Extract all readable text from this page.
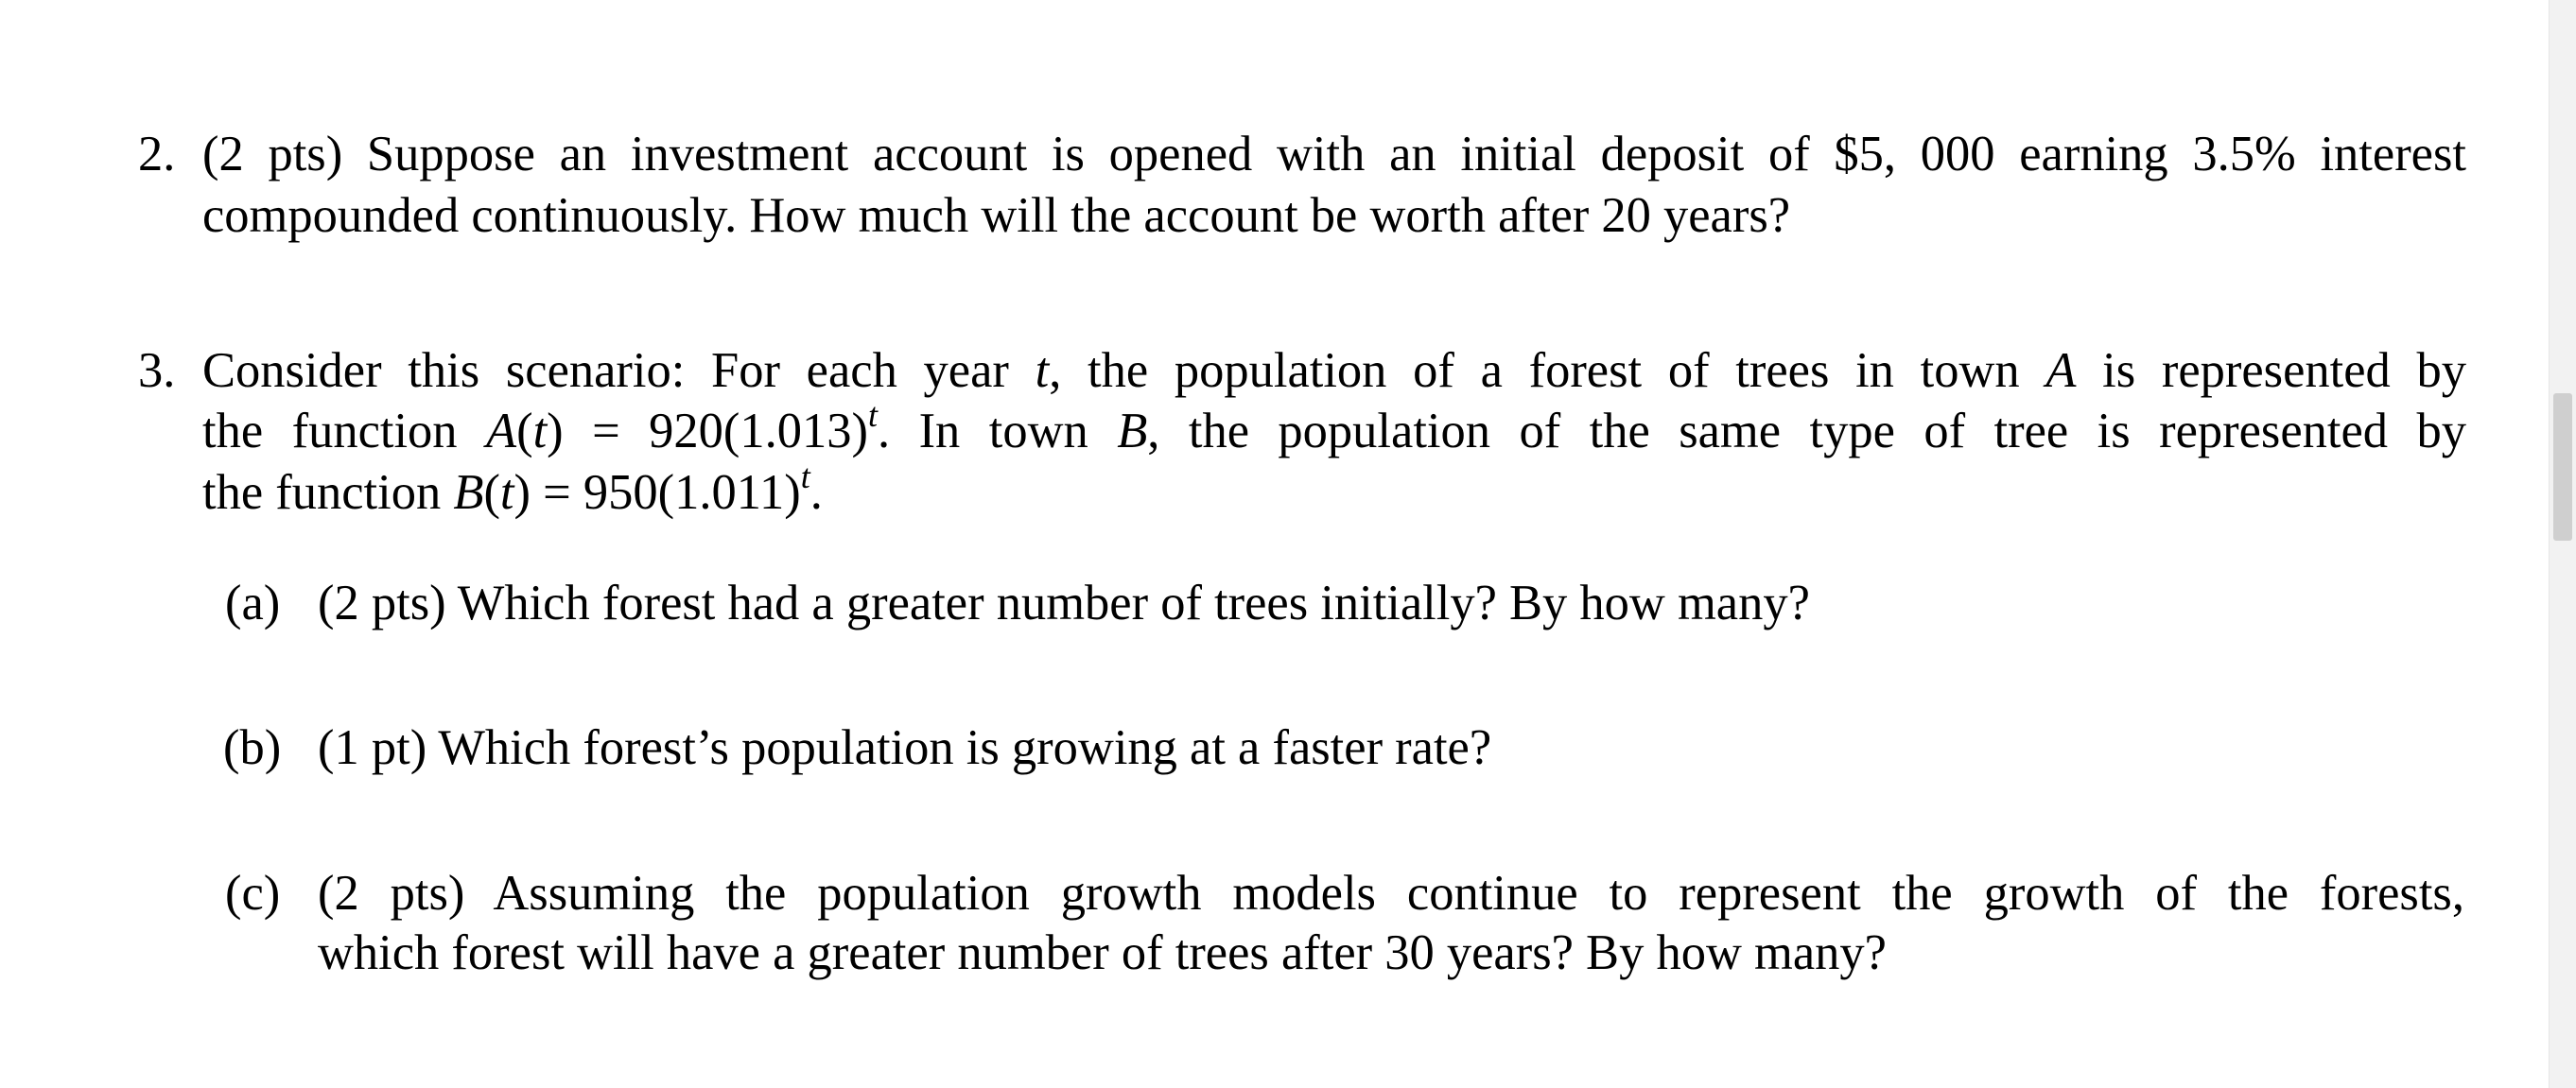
2. (2 pts) Suppose an investment account is opened with an initial deposit of $5, 000 earning 3.5% interest
compounded continuously. How much will the account be worth after 20 years?
3. Consider this scenario: For each year t, the population of a forest of trees in town A is represented by
the function $A(t) = 920(1.013)^t$. In town B, the population of the same type of tree is represented by
the function $B(t) = 950(1.011)^t$.
(a) (2 pts) Which forest had a greater number of trees initially? By how many?
(b) (1 pt) Which forest’s population is growing at a faster rate?
(c) (2 pts) Assuming the population growth models continue to represent the growth of the forests,
which forest will have a greater number of trees after 30 years? By how many?
